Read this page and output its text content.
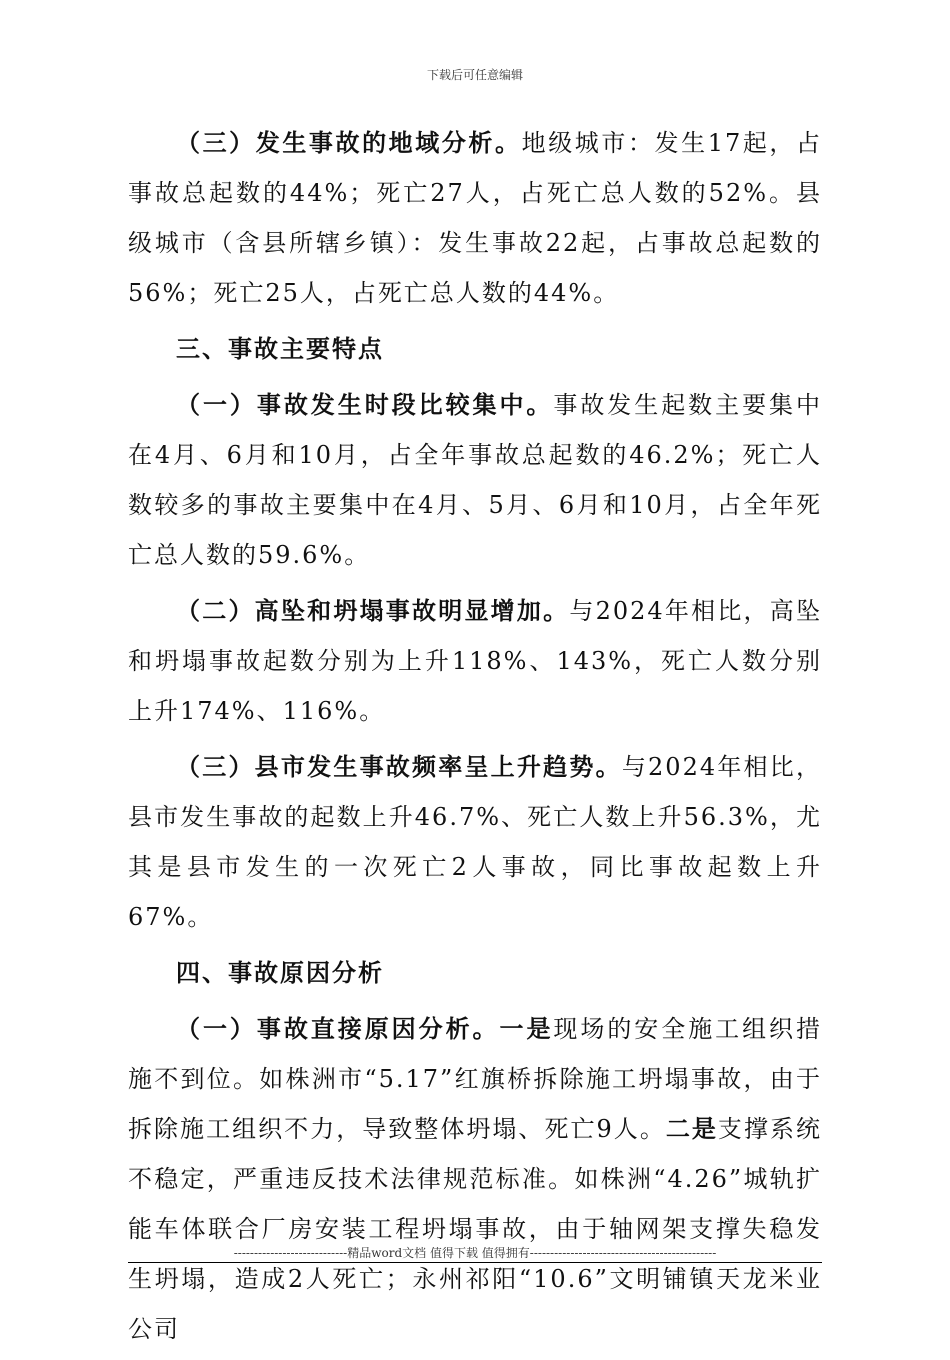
下载后可任意编辑

（三）发生事故的地域分析。地级城市：发生17起，占事故总起数的44%；死亡27人，占死亡总人数的52%。县级城市（含县所辖乡镇）：发生事故22起，占事故总起数的56%；死亡25人，占死亡总人数的44%。

三、事故主要特点

（一）事故发生时段比较集中。事故发生起数主要集中在4月、6月和10月，占全年事故总起数的46.2%；死亡人数较多的事故主要集中在4月、5月、6月和10月，占全年死亡总人数的59.6%。

（二）高坠和坍塌事故明显增加。与2024年相比，高坠和坍塌事故起数分别为上升118%、143%，死亡人数分别上升174%、116%。

（三）县市发生事故频率呈上升趋势。与2024年相比，县市发生事故的起数上升46.7%、死亡人数上升56.3%，尤其是县市发生的一次死亡2人事故，同比事故起数上升67%。

四、事故原因分析

（一）事故直接原因分析。一是现场的安全施工组织措施不到位。如株洲市“5.17”红旗桥拆除施工坍塌事故，由于拆除施工组织不力，导致整体坍塌、死亡9人。二是支撑系统不稳定，严重违反技术法律规范标准。如株洲“4.26”城轨扩能车体联合厂房安装工程坍塌事故，由于轴网架支撑失稳发生坍塌，造成2人死亡；永州祁阳“10.6”文明铺镇天龙米业公司

----------------------------精品word文档 值得下载 值得拥有----------------------------------------------
